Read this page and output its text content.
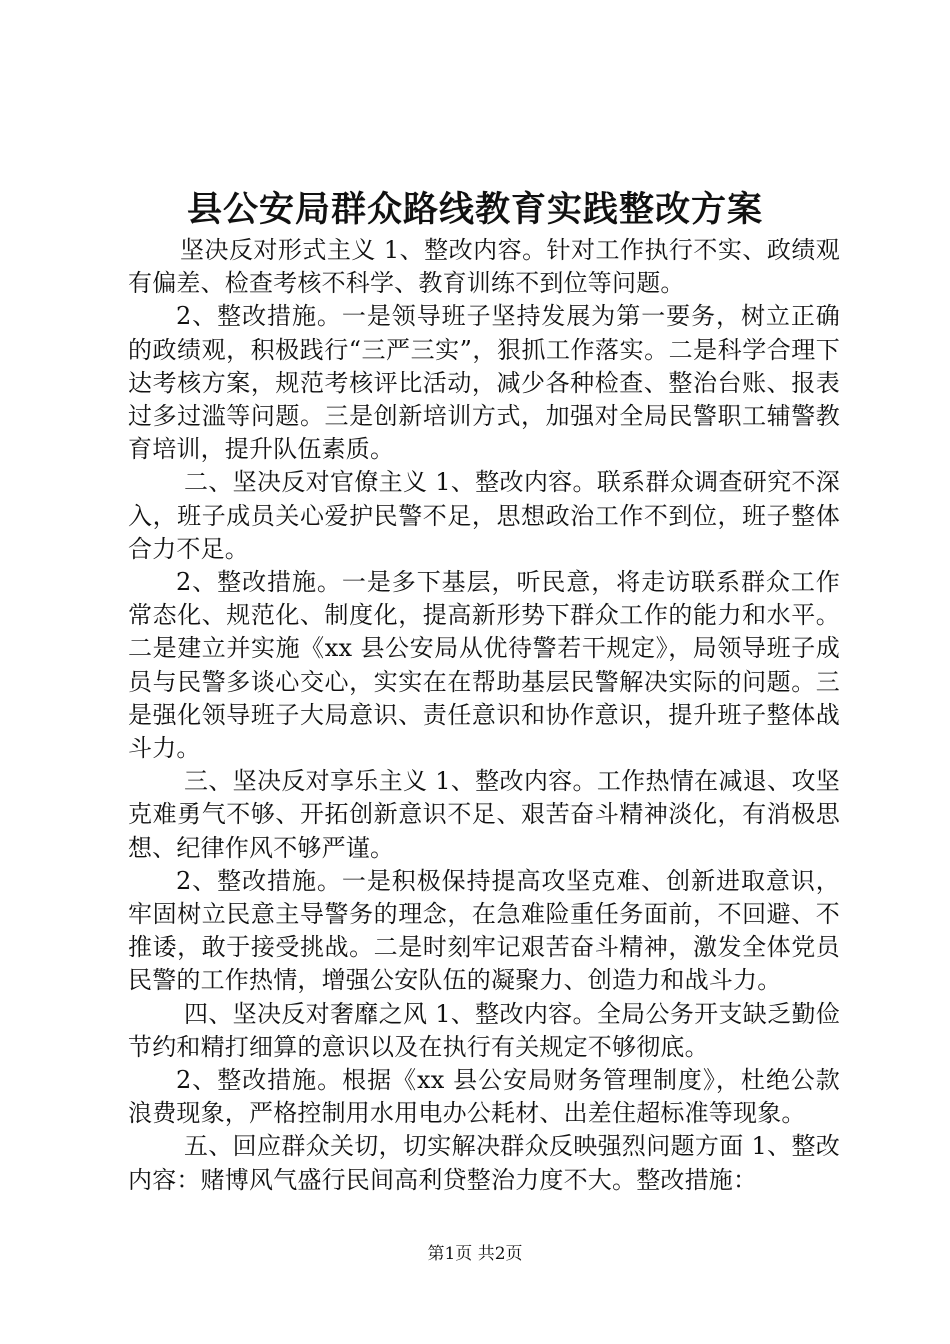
县公安局群众路线教育实践整改方案

坚决反对形式主义 1、整改内容。针对工作执行不实、政绩观有偏差、检查考核不科学、教育训练不到位等问题。

2、整改措施。一是领导班子坚持发展为第一要务，树立正确的政绩观，积极践行“三严三实”，狠抓工作落实。二是科学合理下达考核方案，规范考核评比活动，减少各种检查、整治台账、报表过多过滥等问题。三是创新培训方式，加强对全局民警职工辅警教育培训，提升队伍素质。

二、坚决反对官僚主义 1、整改内容。联系群众调查研究不深入，班子成员关心爱护民警不足，思想政治工作不到位，班子整体合力不足。

2、整改措施。一是多下基层，听民意，将走访联系群众工作常态化、规范化、制度化，提高新形势下群众工作的能力和水平。二是建立并实施《xx 县公安局从优待警若干规定》，局领导班子成员与民警多谈心交心，实实在在帮助基层民警解决实际的问题。三是强化领导班子大局意识、责任意识和协作意识，提升班子整体战斗力。

三、坚决反对享乐主义 1、整改内容。工作热情在减退、攻坚克难勇气不够、开拓创新意识不足、艰苦奋斗精神淡化，有消极思想、纪律作风不够严谨。

2、整改措施。一是积极保持提高攻坚克难、创新进取意识，牢固树立民意主导警务的理念，在急难险重任务面前，不回避、不推诿，敢于接受挑战。二是时刻牢记艰苦奋斗精神，激发全体党员民警的工作热情，增强公安队伍的凝聚力、创造力和战斗力。

四、坚决反对奢靡之风 1、整改内容。全局公务开支缺乏勤俭节约和精打细算的意识以及在执行有关规定不够彻底。

2、整改措施。根据《xx 县公安局财务管理制度》，杜绝公款浪费现象，严格控制用水用电办公耗材、出差住超标准等现象。

五、回应群众关切，切实解决群众反映强烈问题方面 1、整改内容：赌博风气盛行民间高利贷整治力度不大。整改措施：

第1页 共2页
